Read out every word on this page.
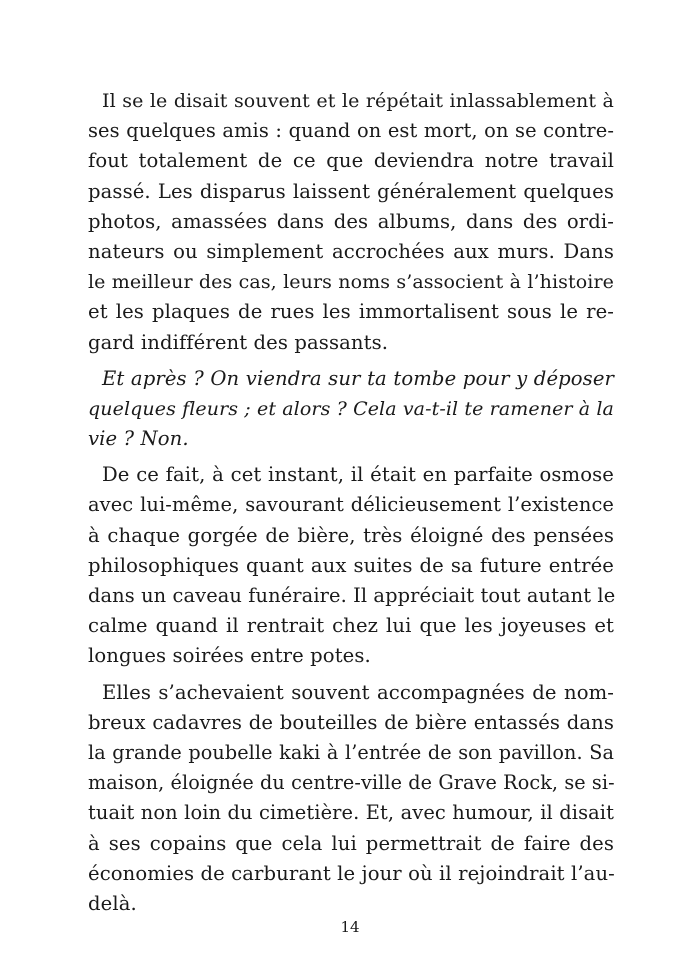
Il se le disait souvent et le répétait inlassablement à
ses quelques amis : quand on est mort, on se contre-
fout totalement de ce que deviendra notre travail
passé. Les disparus laissent généralement quelques
photos, amassées dans des albums, dans des ordi-
nateurs ou simplement accrochées aux murs. Dans
le meilleur des cas, leurs noms s’associent à l’histoire
et les plaques de rues les immortalisent sous le re-
gard indifférent des passants.
Et après ? On viendra sur ta tombe pour y déposer
quelques fleurs ; et alors ? Cela va-t-il te ramener à la
vie ? Non.
De ce fait, à cet instant, il était en parfaite osmose
avec lui-même, savourant délicieusement l’existence
à chaque gorgée de bière, très éloigné des pensées
philosophiques quant aux suites de sa future entrée
dans un caveau funéraire. Il appréciait tout autant le
calme quand il rentrait chez lui que les joyeuses et
longues soirées entre potes.
Elles s’achevaient souvent accompagnées de nom-
breux cadavres de bouteilles de bière entassés dans
la grande poubelle kaki à l’entrée de son pavillon. Sa
maison, éloignée du centre-ville de Grave Rock, se si-
tuait non loin du cimetière. Et, avec humour, il disait
à ses copains que cela lui permettrait de faire des
économies de carburant le jour où il rejoindrait l’au-
delà.
14
